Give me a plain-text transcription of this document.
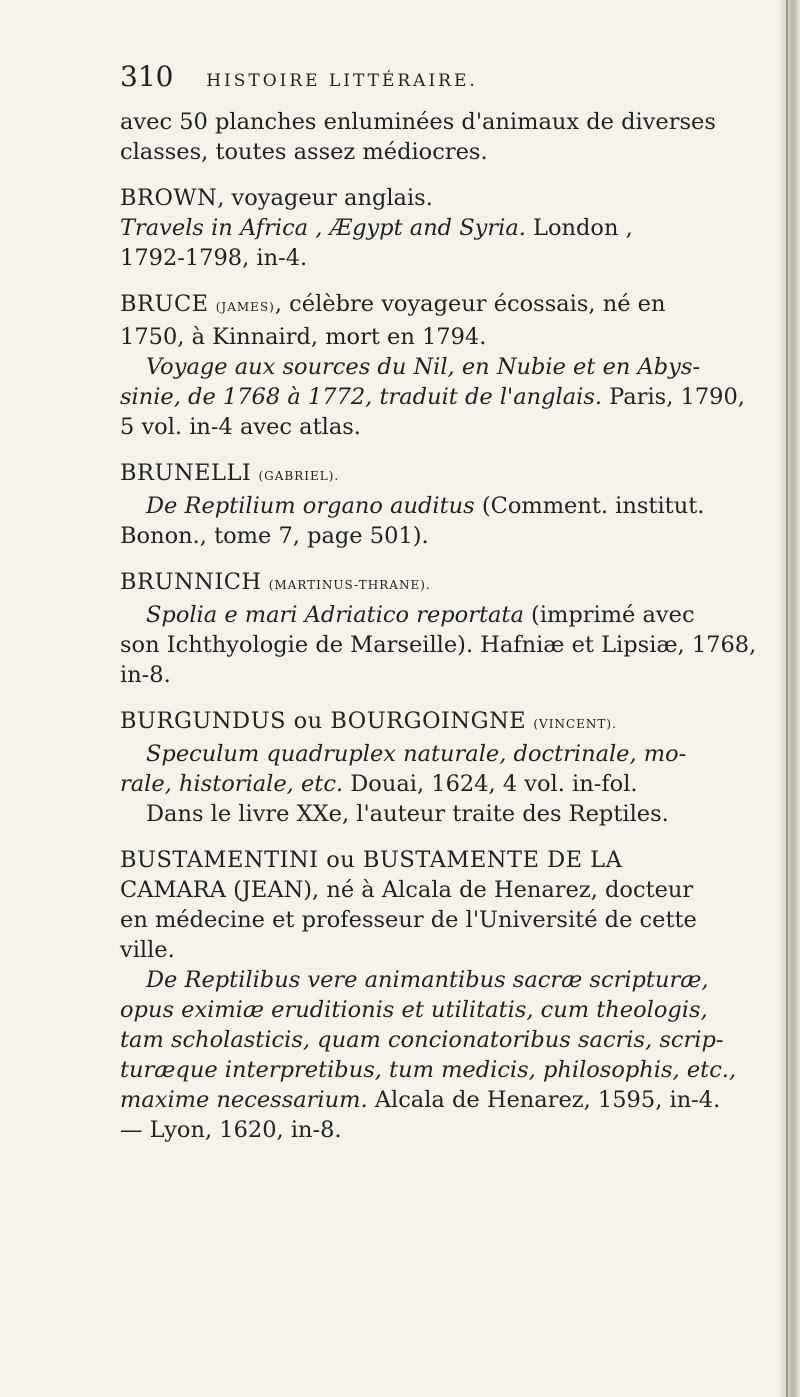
310 HISTOIRE LITTÉRAIRE.
avec 50 planches enluminées d'animaux de diverses
classes, toutes assez médiocres.
BROWN, voyageur anglais.
Travels in Africa , Ægypt and Syria. London ,
1792-1798, in-4.
BRUCE (JAMES), célèbre voyageur écossais, né en
1750, à Kinnaird, mort en 1794.
Voyage aux sources du Nil, en Nubie et en Abys-
sinie, de 1768 à 1772, traduit de l'anglais. Paris, 1790,
5 vol. in-4 avec atlas.
BRUNELLI (GABRIEL).
De Reptilium organo auditus (Comment. institut.
Bonon., tome 7, page 501).
BRUNNICH (MARTINUS-THRANE).
Spolia e mari Adriatico reportata (imprimé avec
son Ichthyologie de Marseille). Hafniæ et Lipsiæ, 1768,
in-8.
BURGUNDUS ou BOURGOINGNE (VINCENT).
Speculum quadruplex naturale, doctrinale, mo-
rale, historiale, etc. Douai, 1624, 4 vol. in-fol.
Dans le livre XXe, l'auteur traite des Reptiles.
BUSTAMENTINI ou BUSTAMENTE DE LA
CAMARA (JEAN), né à Alcala de Henarez, docteur
en médecine et professeur de l'Université de cette
ville.
De Reptilibus vere animantibus sacræ scripturæ,
opus eximiæ eruditionis et utilitatis, cum theologis,
tam scholasticis, quam concionatoribus sacris, scrip-
turæque interpretibus, tum medicis, philosophis, etc.,
maxime necessarium. Alcala de Henarez, 1595, in-4.
— Lyon, 1620, in-8.
